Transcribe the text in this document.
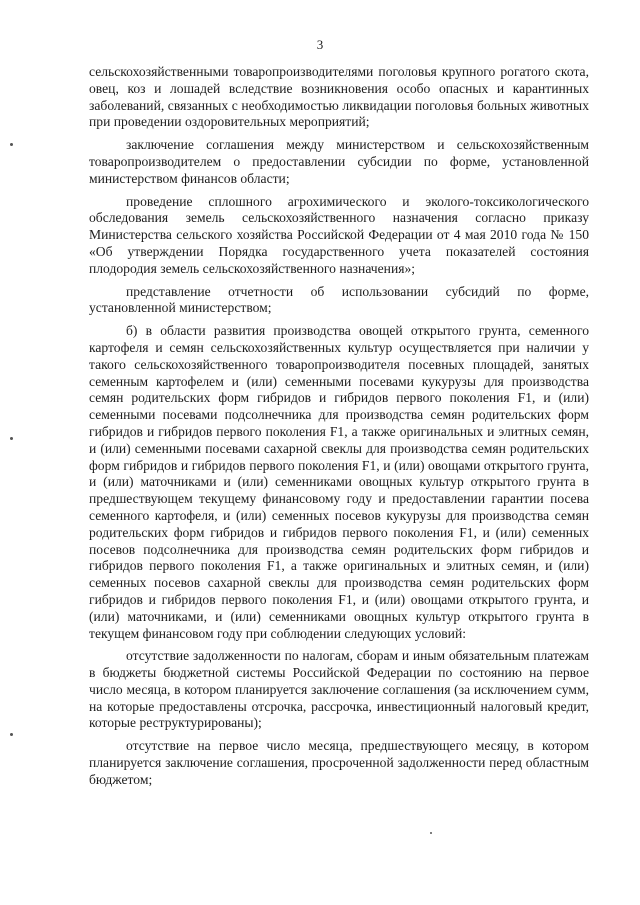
3

сельскохозяйственными товаропроизводителями поголовья крупного рогатого скота, овец, коз и лошадей вследствие возникновения особо опасных и карантинных заболеваний, связанных с необходимостью ликвидации поголовья больных животных при проведении оздоровительных мероприятий;

заключение соглашения между министерством и сельскохозяйственным товаропроизводителем о предоставлении субсидии по форме, установленной министерством финансов области;

проведение сплошного агрохимического и эколого-токсикологического обследования земель сельскохозяйственного назначения согласно приказу Министерства сельского хозяйства Российской Федерации от 4 мая 2010 года № 150 «Об утверждении Порядка государственного учета показателей состояния плодородия земель сельскохозяйственного назначения»;

представление отчетности об использовании субсидий по форме, установленной министерством;

б) в области развития производства овощей открытого грунта, семенного картофеля и семян сельскохозяйственных культур осуществляется при наличии у такого сельскохозяйственного товаропроизводителя посевных площадей, занятых семенным картофелем и (или) семенными посевами кукурузы для производства семян родительских форм гибридов и гибридов первого поколения F1, и (или) семенными посевами подсолнечника для производства семян родительских форм гибридов и гибридов первого поколения F1, а также оригинальных и элитных семян, и (или) семенными посевами сахарной свеклы для производства семян родительских форм гибридов и гибридов первого поколения F1, и (или) овощами открытого грунта, и (или) маточниками и (или) семенниками овощных культур открытого грунта в предшествующем текущему финансовому году и предоставлении гарантии посева семенного картофеля, и (или) семенных посевов кукурузы для производства семян родительских форм гибридов и гибридов первого поколения F1, и (или) семенных посевов подсолнечника для производства семян родительских форм гибридов и гибридов первого поколения F1, а также оригинальных и элитных семян, и (или) семенных посевов сахарной свеклы для производства семян родительских форм гибридов и гибридов первого поколения F1, и (или) овощами открытого грунта, и (или) маточниками, и (или) семенниками овощных культур открытого грунта в текущем финансовом году при соблюдении следующих условий:

отсутствие задолженности по налогам, сборам и иным обязательным платежам в бюджеты бюджетной системы Российской Федерации по состоянию на первое число месяца, в котором планируется заключение соглашения (за исключением сумм, на которые предоставлены отсрочка, рассрочка, инвестиционный налоговый кредит, которые реструктурированы);

отсутствие на первое число месяца, предшествующего месяцу, в котором планируется заключение соглашения, просроченной задолженности перед областным бюджетом;
